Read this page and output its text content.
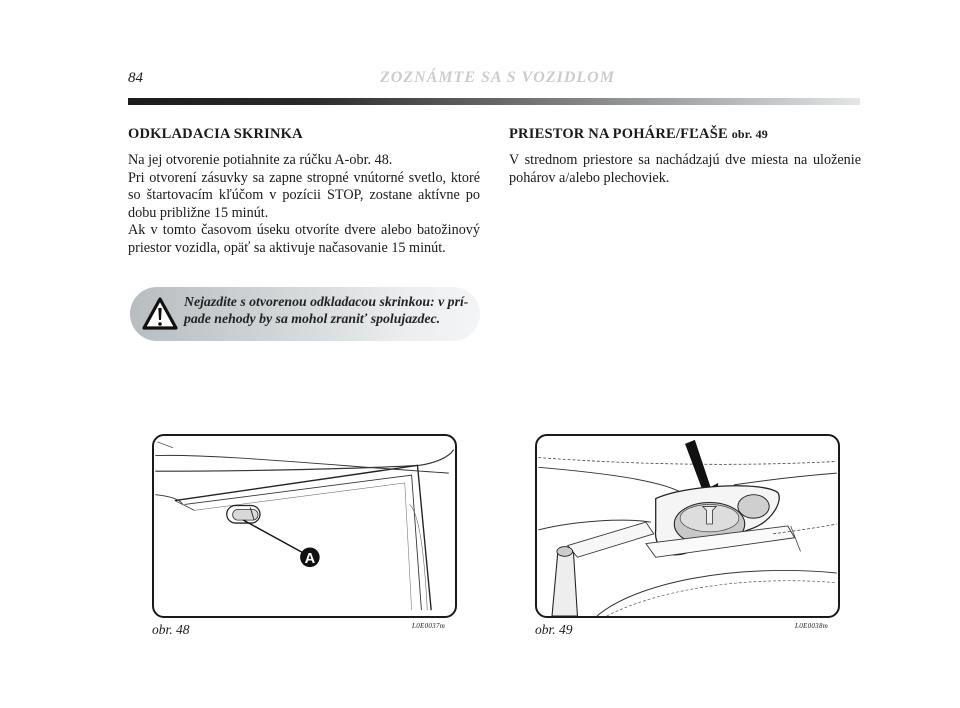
84	ZOZNÁMTE SA S VOZIDLOM
ODKLADACIA SKRINKA

Na jej otvorenie potiahnite za rúčku A-obr. 48.

Pri otvorení zásuvky sa zapne stropné vnútorné svetlo, ktoré so štartovacím kľúčom v pozícii STOP, zostane aktívne po dobu približne 15 minút.

Ak v tomto časovom úseku otvoríte dvere alebo batožinový priestor vozidla, opäť sa aktivuje načasovanie 15 minút.

Nejazdite s otvorenou odkladacou skrinkou: v prí- pade nehody by sa mohol zraniť spolujazdec.
PRIESTOR NA POHÁRE/FĽAŠE obr. 49

V strednom priestore sa nachádzajú dve miesta na uloženie pohárov a/alebo plechoviek.

A
obr. 48	L0E0037m	obr. 49	L0E0038m
